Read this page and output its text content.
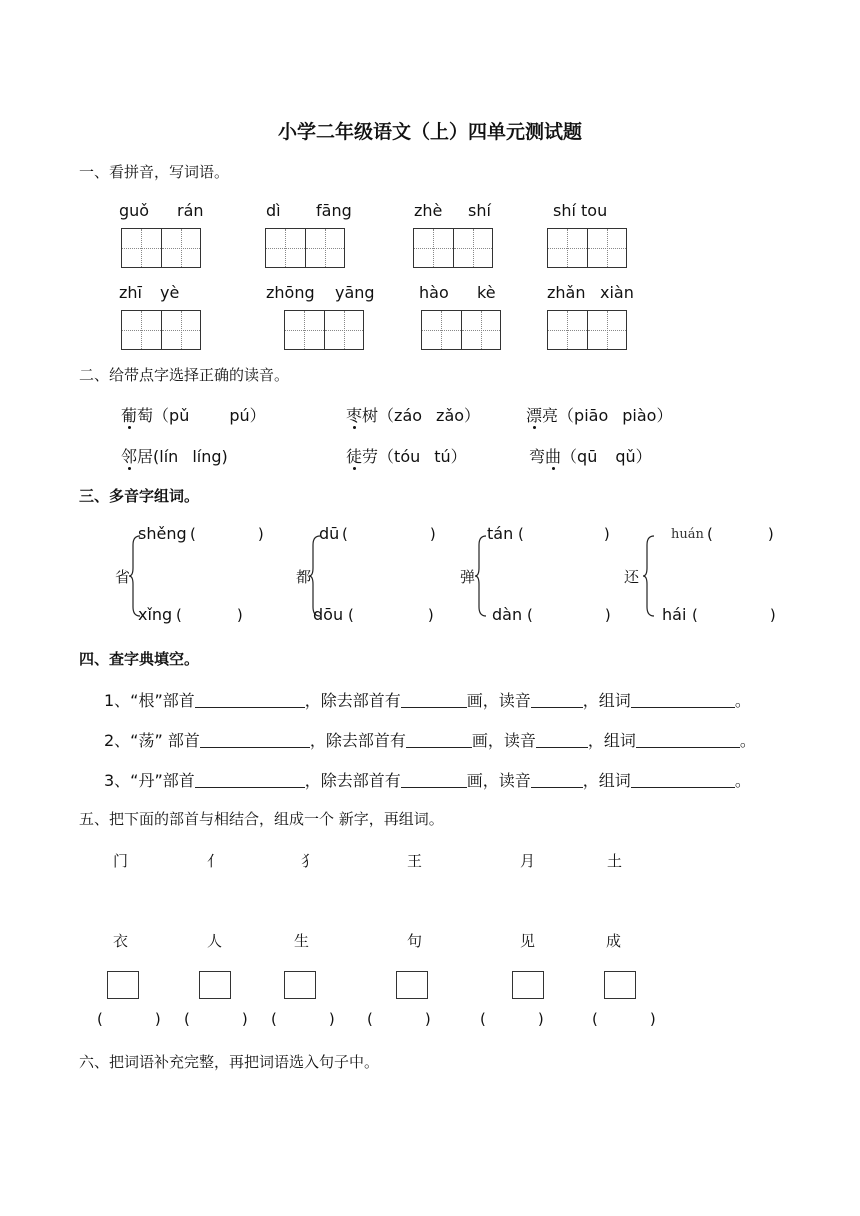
小学二年级语文（上）四单元测试题
一、看拼音，写词语。
guǒ rán	dì fāng	zhè shí	shí tou
zhī yè	zhōng yāng	hào kè	zhǎn xiàn
二、给带点字选择正确的读音。
葡萄（pǔ	pú）	枣树（záo zǎo）	漂亮（piāo piào）
邻居(lín líng)	徒劳（tóu tú）	弯曲（qū qǔ）
三、多音字组词。
省
shěng (	)
xǐng (	)
都
dū (	)
dōu (	)
弹
tán (	)
dàn (	)
还
huán (	)
hái (	)
四、查字典填空。
1、“根”部首	，除去部首有	画，读音	，组词	。
2、“荡” 部首	，除去部首有	画，读音	，组词	。
3、“丹”部首	，除去部首有	画，读音	，组词	。
五、把下面的部首与相结合，组成一个 新字，再组词。
门	亻	犭	王	月	土
衣	人	生	句	见	成
(	) (	) (	) (	)	(	)	(	)
六、把词语补充完整，再把词语选入句子中。
